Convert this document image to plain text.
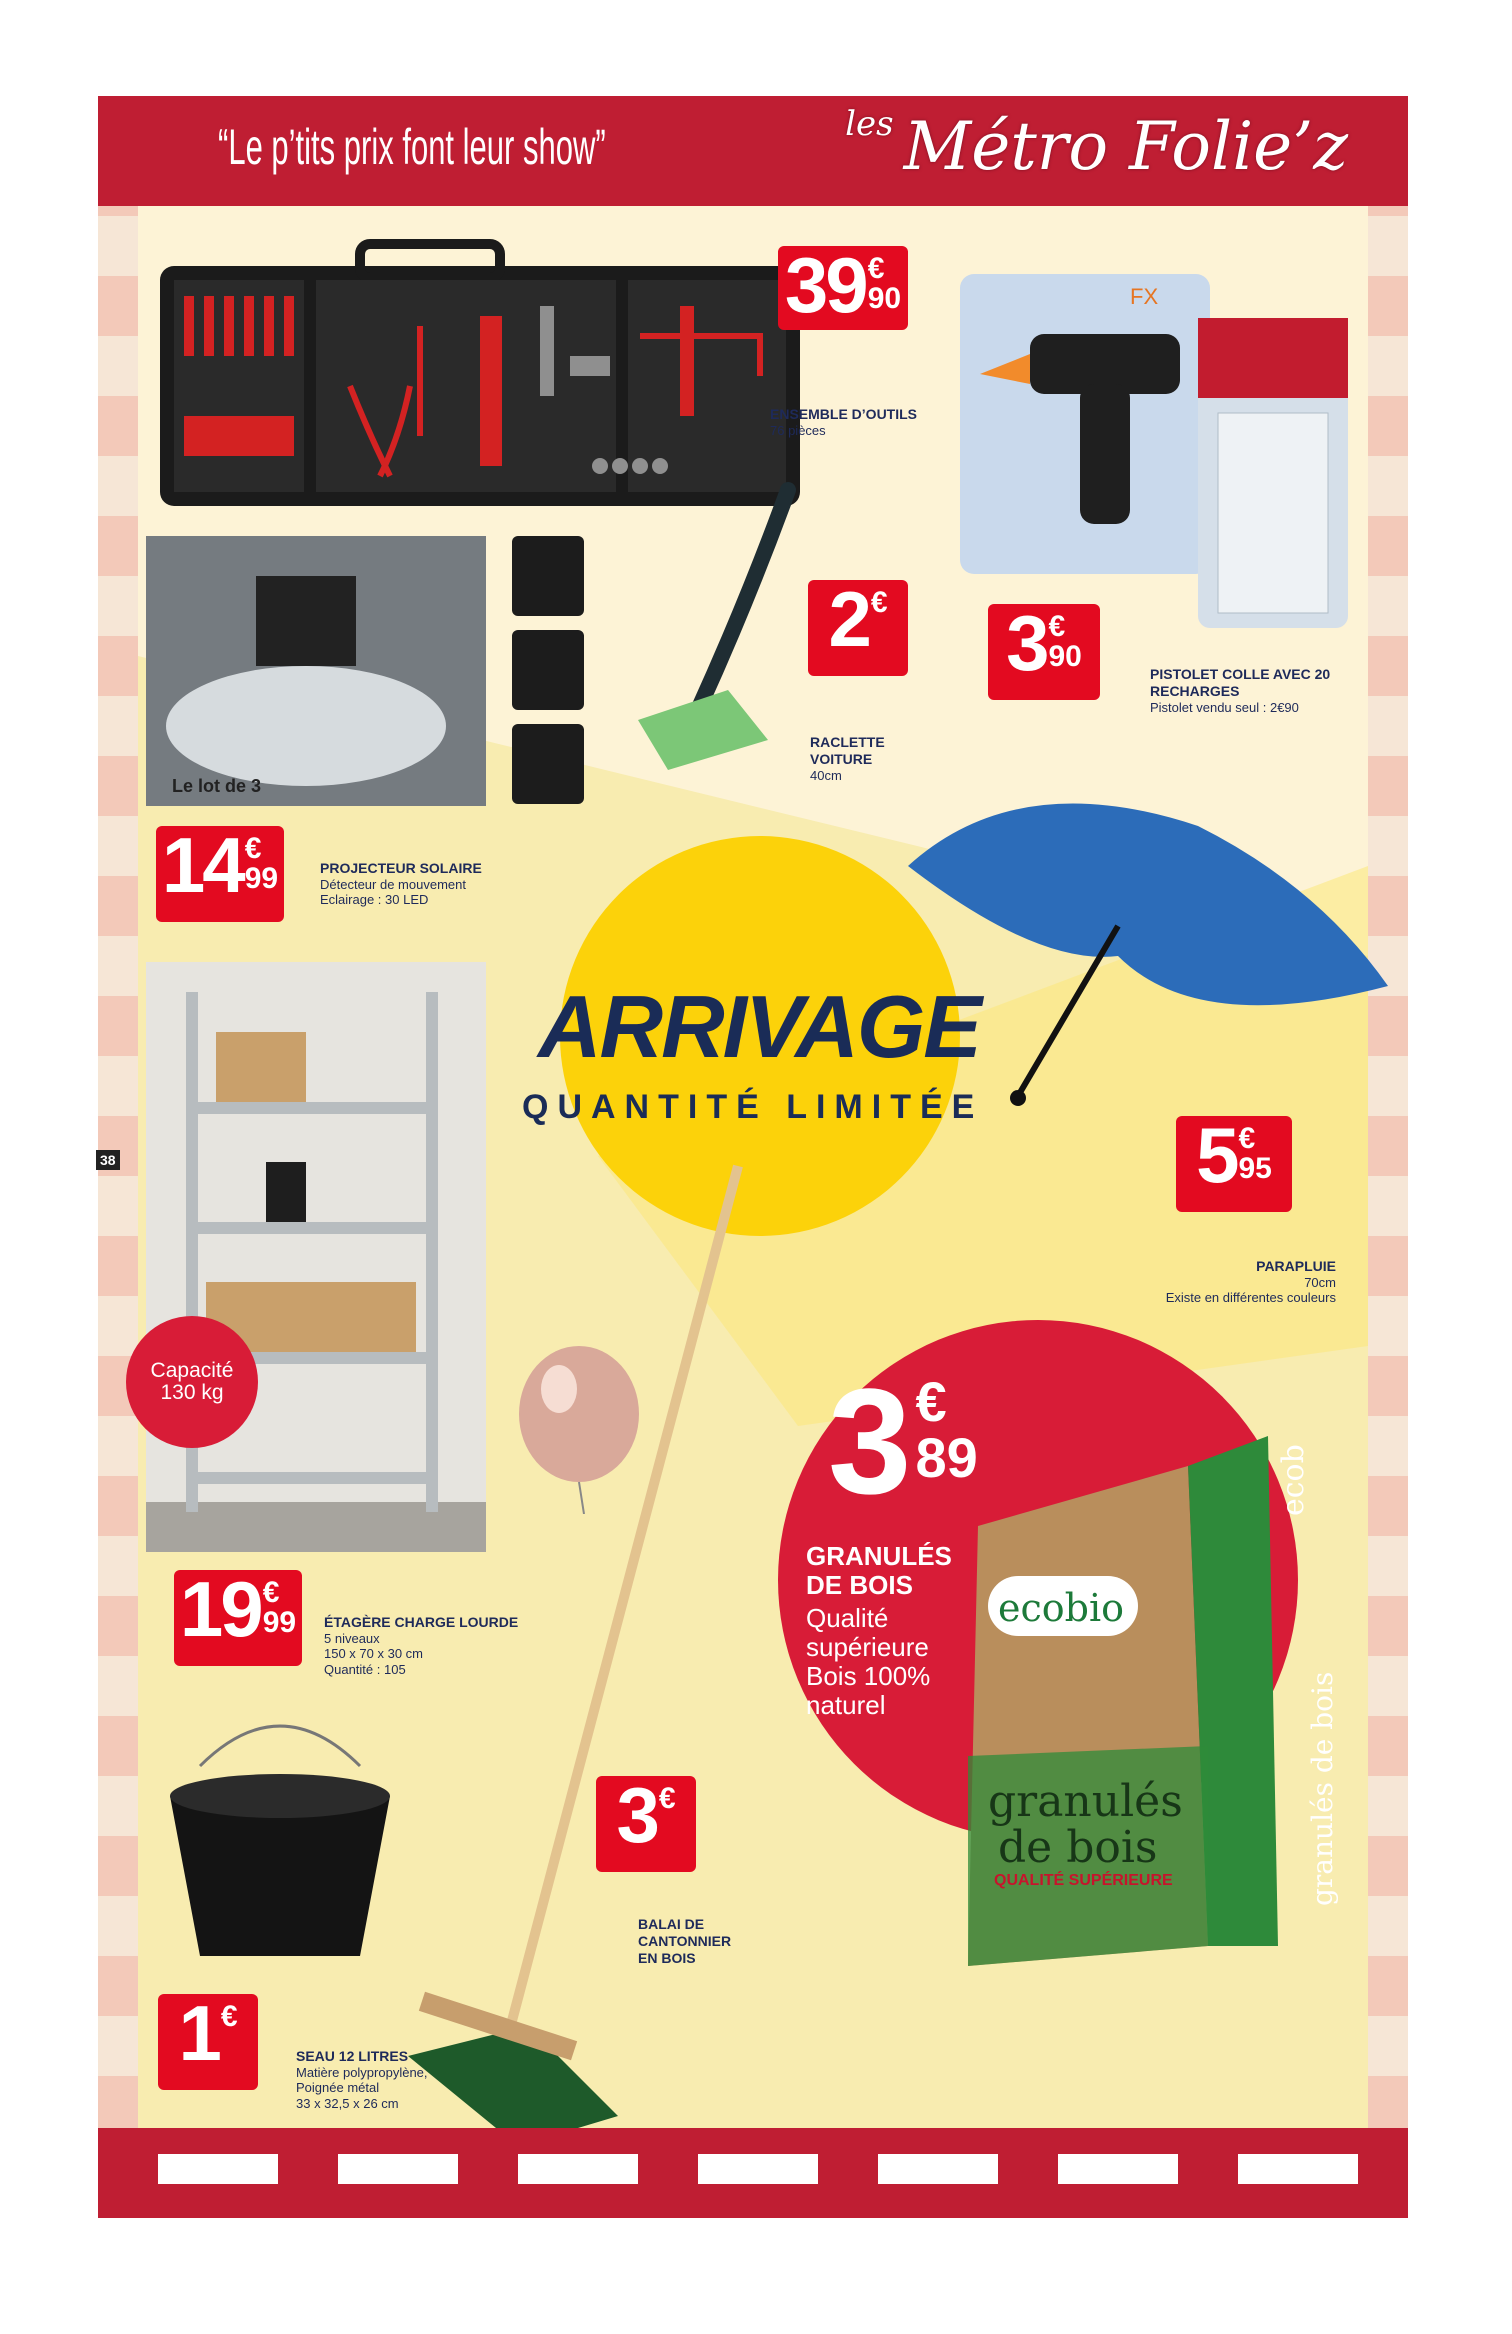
“Le p’tits prix font leur show”	$^{les}$ Métro Folie’z
39 €
90
ENSEMBLE D’OUTILS
76 pièces
FX
3 €
90
PISTOLET COLLE AVEC 20
RECHARGES
Pistolet vendu seul : 2€90
2 €
RACLETTE
VOITURE
40cm
Le lot de 3
14 €
99	PROJECTEUR SOLAIRE
Détecteur de mouvement
Eclairage : 30 LED
ARRIVAGE
QUANTITÉ LIMITÉE
5 €
95
PARAPLUIE
70cm
Existe en différentes couleurs
Capacité
130 kg
19 €
99 ÉTAGÈRE CHARGE LOURDE
5 niveaux
150 x 70 x 30 cm
Quantité : 105
3 €
89
GRANULÉS
DE BOIS
Qualité
supérieure
Bois 100%
naturel
ecobio
granulés
de bois
QUALITÉ SUPÉRIEURE
ecob
granulés de bois
3 €
BALAI DE
CANTONNIER
EN BOIS
1 €
SEAU 12 LITRES
Matière polypropylène,
Poignée métal
33 x 32,5 x 26 cm
38
